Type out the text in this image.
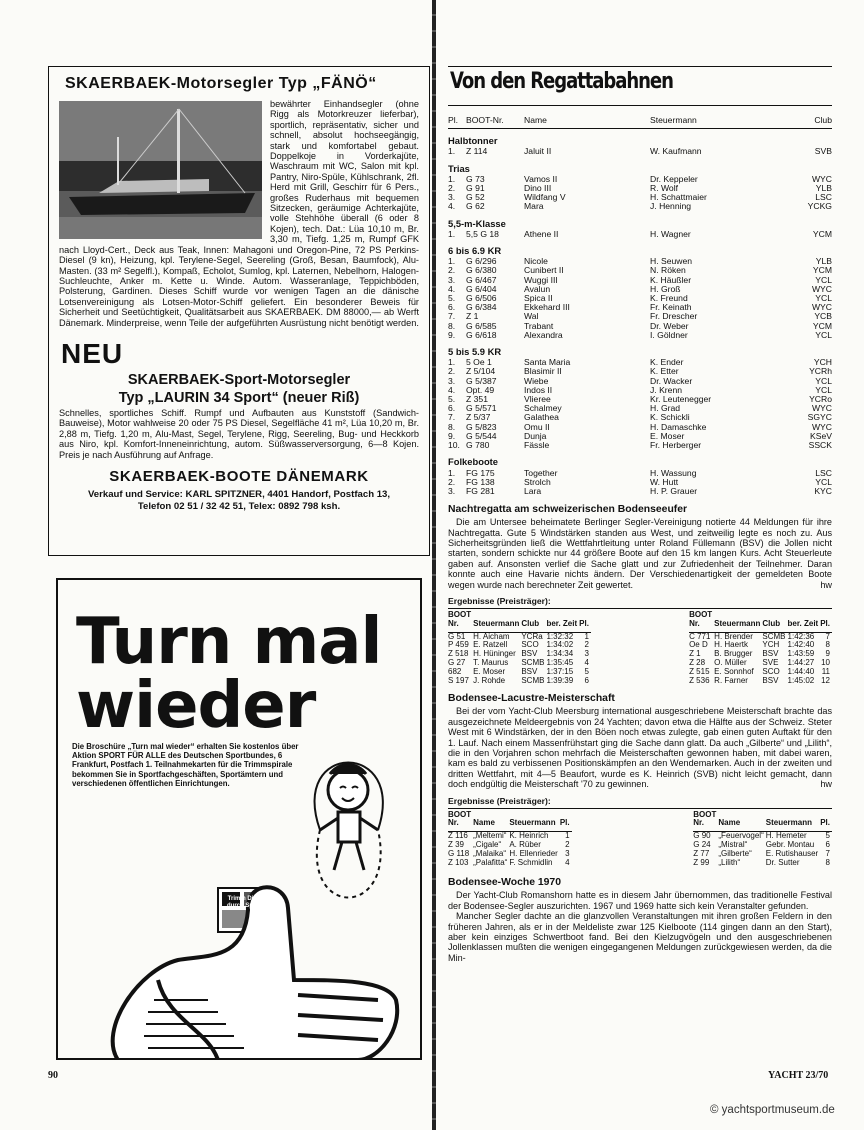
SKAERBAEK-Motorsegler Typ „FÄNÖ“
bewährter Einhandsegler (ohne Rigg als Motorkreuzer lieferbar), sportlich, repräsentativ, sicher und schnell, absolut hochseegängig, stark und komfortabel gebaut. Doppelkoje in Vorderkajüte, Waschraum mit WC, Salon mit kpl. Pantry, Niro-Spüle, Kühlschrank, 2fl. Herd mit Grill, Geschirr für 6 Pers., großes Ruderhaus mit bequemen Sitzecken, geräumige Achterkajüte, volle Stehhöhe überall (6 oder 8 Kojen), tech. Dat.: Lüa 10,10 m, Br. 3,30 m, Tiefg. 1,25 m, Rumpf GFK nach Lloyd-Cert., Deck aus Teak, Innen: Mahagoni und Oregon-Pine, 72 PS Perkins-Diesel (9 kn), Heizung, kpl. Terylene-Segel, Seereling (Groß, Besan, Baumfock), Alu-Masten. (33 m² Segelfl.), Kompaß, Echolot, Sumlog, kpl. Laternen, Nebelhorn, Halogen-Suchleuchte, Anker m. Kette u. Winde. Autom. Wasseranlage, Teppichböden, Polsterung, Gardinen. Dieses Schiff wurde vor wenigen Tagen an die dänische Lotsenvereinigung als Lotsen-Motor-Schiff geliefert. Ein besonderer Beweis für Sicherheit und Seetüchtigkeit, Qualitätsarbeit aus SKAERBAEK. DM 88000,— ab Werft Dänemark. Minderpreise, wenn Teile der aufgeführten Ausrüstung nicht benötigt werden.
NEU
SKAERBAEK-Sport-Motorsegler
Typ „LAURIN 34 Sport“ (neuer Riß)
Schnelles, sportliches Schiff. Rumpf und Aufbauten aus Kunststoff (Sandwich-Bauweise), Motor wahlweise 20 oder 75 PS Diesel, Segelfläche 41 m², Lüa 10,20 m, Br. 2,88 m, Tiefg. 1,20 m, Alu-Mast, Segel, Terylene, Rigg, Seereling, Bug- und Heckkorb aus Niro, kpl. Komfort-Inneneinrichtung, autom. Süßwasserversorgung, 6—8 Kojen. Preis je nach Ausführung auf Anfrage.
SKAERBAEK-BOOTE DÄNEMARK
Verkauf und Service: KARL SPITZNER, 4401 Handorf, Postfach 13,
Telefon 02 51 / 32 42 51, Telex: 0892 798 ksh.
Turn mal
wieder
Die Broschüre „Turn mal wieder“ erhalten Sie kostenlos über Aktion SPORT FÜR ALLE des Deutschen Sportbundes, 6 Frankfurt, Postfach 1. Teilnahmekarten für die Trimmspirale bekommen Sie in Sportfachgeschäften, Sportämtern und verschiedenen öffentlichen Einrichtungen.
Trimm Dich durch Sport
Von den Regattabahnen
Pl.	BOOT-Nr.	Name	Steuermann	Club
Halbtonner				
1.	Z 114	Jaluit II	W. Kaufmann	SVB
Trias				
1.	G 73	Vamos II	Dr. Keppeler	WYC
2.	G 91	Dino III	R. Wolf	YLB
3.	G 52	Wildfang V	H. Schattmaier	LSC
4.	G 62	Mara	J. Henning	YCKG
5,5-m-Klasse				
1.	5,5 G 18	Athene II	H. Wagner	YCM
6 bis 6.9 KR				
1.	G 6/296	Nicole	H. Seuwen	YLB
2.	G 6/380	Cunibert II	N. Röken	YCM
3.	G 6/467	Wuggi III	K. Häußler	YCL
4.	G 6/404	Avalun	H. Groß	WYC
5.	G 6/506	Spica II	K. Freund	YCL
6.	G 6/384	Ekkehard III	Fr. Keinath	WYC
7.	Z 1	Wal	Fr. Drescher	YCB
8.	G 6/585	Trabant	Dr. Weber	YCM
9.	G 6/618	Alexandra	I. Göldner	YCL
5 bis 5.9 KR				
1.	5 Oe 1	Santa Maria	K. Ender	YCH
2.	Z 5/104	Blasimir II	K. Etter	YCRh
3.	G 5/387	Wiebe	Dr. Wacker	YCL
4.	Opt. 49	Indos II	J. Krenn	YCL
5.	Z 351	Vlieree	Kr. Leutenegger	YCRo
6.	G 5/571	Schalmey	H. Grad	WYC
7.	Z 5/37	Galathea	K. Schickli	SGYC
8.	G 5/823	Omu II	H. Damaschke	WYC
9.	G 5/544	Dunja	E. Moser	KSeV
10.	G 780	Fässle	Fr. Herberger	SSCK
Folkeboote				
1.	FG 175	Together	H. Wassung	LSC
2.	FG 138	Strolch	W. Hutt	YCL
3.	FG 281	Lara	H. P. Grauer	KYC
Nachtregatta am schweizerischen Bodenseeufer
Die am Untersee beheimatete Berlinger Segler-Vereinigung notierte 44 Meldungen für ihre Nachtregatta. Gute 5 Windstärken standen aus West, und zeitweilig legte es noch zu. Aus Sicherheitsgründen ließ die Wettfahrtleitung unter Roland Füllemann (BSV) die Jollen nicht starten, sondern schickte nur 44 größere Boote auf den 15 km langen Kurs. Acht Steuerleute gaben auf. Ansonsten verlief die Sache glatt und zur Zufriedenheit der Teilnehmer. Daran konnte auch eine Havarie nichts ändern. Der Verschiedenartigkeit der gemeldeten Boote wegen wurde nach berechneter Zeit gewertet.	hw
Ergebnisse (Preisträger):
BOOT				
Nr.	Steuermann	Club	ber. Zeit	Pl.
G 51	H. Aicham	YCRa	1:32:32	1
P 459	E. Ratzell	SCO	1:34:02	2
Z 518	H. Hüninger	BSV	1:34:34	3
G 27	T. Maurus	SCMB	1:35:45	4
682	E. Moser	BSV	1:37:15	5
S 197	J. Rohde	SCMB	1:39:39	6
BOOT				
Nr.	Steuermann	Club	ber. Zeit	Pl.
C 771	H. Brender	SCMB	1:42:36	7
Oe D	H. Haertk	YCH	1:42:40	8
Z 1	B. Brugger	BSV	1:43:59	9
Z 28	O. Müller	SVE	1:44:27	10
Z 515	E. Sonnhof	SCO	1:44:40	11
Z 536	R. Farner	BSV	1:45:02	12
Bodensee-Lacustre-Meisterschaft
Bei der vom Yacht-Club Meersburg international ausgeschriebene Meisterschaft brachte das ausgezeichnete Meldeergebnis von 24 Yachten; davon etwa die Hälfte aus der Schweiz. Steter West mit 6 Windstärken, der in den Böen noch etwas zulegte, gab einen guten Auftakt für den 1. Lauf. Nach einem Massenfrühstart ging die Sache dann glatt. Da auch „Gilberte“ und „Lilith“, die in den Vorjahren schon mehrfach die Meisterschaften gewonnen haben, mit dabei waren, kam es bald zu verbissenen Positionskämpfen an den Wendemarken. Auch in der zweiten und dritten Wettfahrt, mit 4—5 Beaufort, wurde es K. Heinrich (SVB) nicht leicht gemacht, dann doch endgültig die Meisterschaft '70 zu gewinnen.	hw
Ergebnisse (Preisträger):
BOOT			
Nr.	Name	Steuermann	Pl.
Z 116	„Meltemi“	K. Heinrich	1
Z 39	„Cigale“	A. Rüber	2
G 118	„Malaika“	H. Ellenrieder	3
Z 103	„Palafitta“	F. Schmidlin	4
BOOT			
Nr.	Name	Steuermann	Pl.
G 90	„Feuervogel“	H. Hemeter	5
G 24	„Mistral“	Gebr. Montau	6
Z 77	„Gilberte“	E. Rutishauser	7
Z 99	„Lilith“	Dr. Sutter	8
Bodensee-Woche 1970
Der Yacht-Club Romanshorn hatte es in diesem Jahr übernommen, das traditionelle Festival der Bodensee-Segler auszurichten. 1967 und 1969 hatte sich kein Veranstalter gefunden.
Mancher Segler dachte an die glanzvollen Veranstaltungen mit ihren großen Feldern in den früheren Jahren, als er in der Meldeliste zwar 125 Kielboote (114 gingen dann an den Start), aber kein einziges Schwertboot fand. Bei den Kielzugvögeln und den ausgeschriebenen Jollenklassen mußten die wenigen eingegangenen Meldungen zurückgewiesen werden, da die Min-
90	YACHT 23/70
© yachtsportmuseum.de
